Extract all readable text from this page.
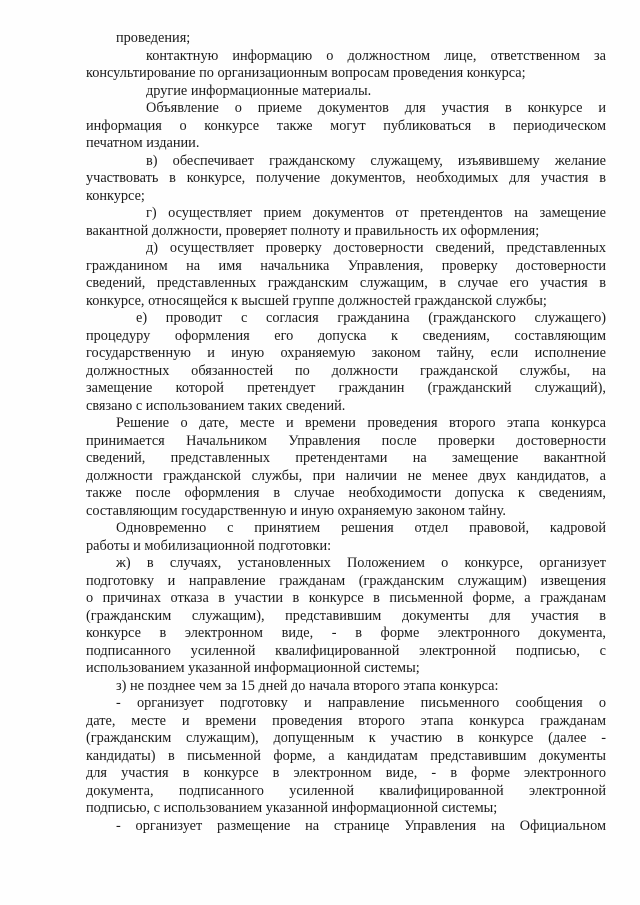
проведения;
контактную информацию о должностном лице, ответственном за
консультирование по организационным вопросам проведения конкурса;
другие информационные материалы.
Объявление о приеме документов для участия в конкурсе и
информация о конкурсе также могут публиковаться в периодическом
печатном издании.
в) обеспечивает гражданскому служащему, изъявившему желание
участвовать в конкурсе, получение документов, необходимых для участия в
конкурсе;
г) осуществляет прием документов от претендентов на замещение
вакантной должности, проверяет полноту и правильность их оформления;
д) осуществляет проверку достоверности сведений, представленных
гражданином на имя начальника Управления, проверку достоверности
сведений, представленных гражданским служащим, в случае его участия в
конкурсе, относящейся к высшей группе должностей гражданской службы;
е) проводит с согласия гражданина (гражданского служащего)
процедуру оформления его допуска к сведениям, составляющим
государственную и иную охраняемую законом тайну, если исполнение
должностных обязанностей по должности гражданской службы, на
замещение которой претендует гражданин (гражданский служащий),
связано с использованием таких сведений.
Решение о дате, месте и времени проведения второго этапа конкурса
принимается Начальником Управления после проверки достоверности
сведений, представленных претендентами на замещение вакантной
должности гражданской службы, при наличии не менее двух кандидатов, а
также после оформления в случае необходимости допуска к сведениям,
составляющим государственную и иную охраняемую законом тайну.
Одновременно с принятием решения отдел правовой, кадровой
работы и мобилизационной подготовки:
ж) в случаях, установленных Положением о конкурсе, организует
подготовку и направление гражданам (гражданским служащим) извещения
о причинах отказа в участии в конкурсе в письменной форме, а гражданам
(гражданским служащим), представившим документы для участия в
конкурсе в электронном виде, - в форме электронного документа,
подписанного усиленной квалифицированной электронной подписью, с
использованием указанной информационной системы;
з) не позднее чем за 15 дней до начала второго этапа конкурса:
- организует подготовку и направление письменного сообщения о
дате, месте и времени проведения второго этапа конкурса гражданам
(гражданским служащим), допущенным к участию в конкурсе (далее -
кандидаты) в письменной форме, а кандидатам представившим документы
для участия в конкурсе в электронном виде, - в форме электронного
документа, подписанного усиленной квалифицированной электронной
подписью, с использованием указанной информационной системы;
- организует размещение на странице Управления на Официальном
